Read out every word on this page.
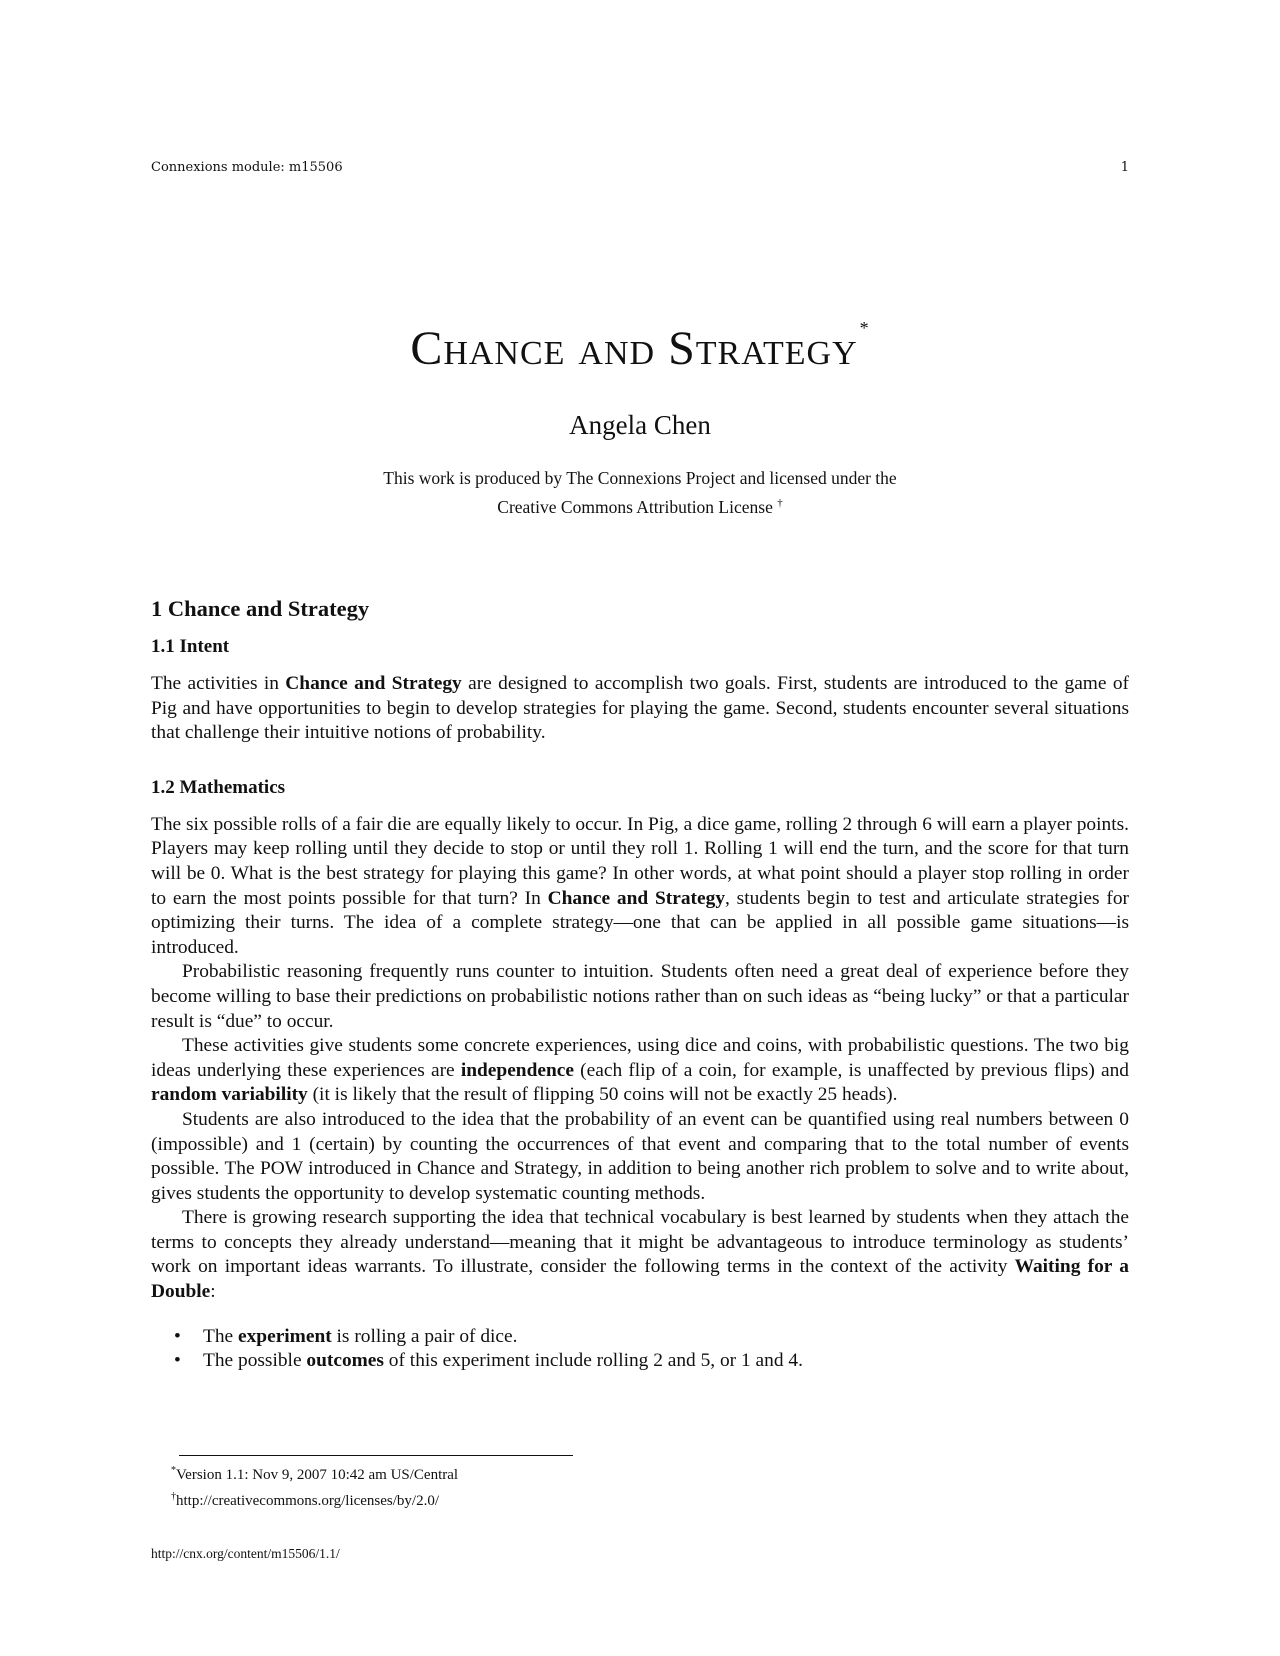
Connexions module: m15506	1
Chance and Strategy *
Angela Chen
This work is produced by The Connexions Project and licensed under the
Creative Commons Attribution License †
1 Chance and Strategy
1.1 Intent

The activities in Chance and Strategy are designed to accomplish two goals. First, students are introduced to the game of Pig and have opportunities to begin to develop strategies for playing the game. Second, students encounter several situations that challenge their intuitive notions of probability.

1.2 Mathematics

The six possible rolls of a fair die are equally likely to occur. In Pig, a dice game, rolling 2 through 6 will earn a player points. Players may keep rolling until they decide to stop or until they roll 1. Rolling 1 will end the turn, and the score for that turn will be 0. What is the best strategy for playing this game? In other words, at what point should a player stop rolling in order to earn the most points possible for that turn? In Chance and Strategy, students begin to test and articulate strategies for optimizing their turns. The idea of a complete strategy—one that can be applied in all possible game situations—is introduced.

Probabilistic reasoning frequently runs counter to intuition. Students often need a great deal of experience before they become willing to base their predictions on probabilistic notions rather than on such ideas as “being lucky” or that a particular result is “due” to occur.

These activities give students some concrete experiences, using dice and coins, with probabilistic questions. The two big ideas underlying these experiences are independence (each flip of a coin, for example, is unaffected by previous flips) and random variability (it is likely that the result of flipping 50 coins will not be exactly 25 heads).

Students are also introduced to the idea that the probability of an event can be quantified using real numbers between 0 (impossible) and 1 (certain) by counting the occurrences of that event and comparing that to the total number of events possible. The POW introduced in Chance and Strategy, in addition to being another rich problem to solve and to write about, gives students the opportunity to develop systematic counting methods.

There is growing research supporting the idea that technical vocabulary is best learned by students when they attach the terms to concepts they already understand—meaning that it might be advantageous to introduce terminology as students’ work on important ideas warrants. To illustrate, consider the following terms in the context of the activity Waiting for a Double:

• The experiment is rolling a pair of dice.
• The possible outcomes of this experiment include rolling 2 and 5, or 1 and 4.
*Version 1.1: Nov 9, 2007 10:42 am US/Central
†http://creativecommons.org/licenses/by/2.0/
http://cnx.org/content/m15506/1.1/
